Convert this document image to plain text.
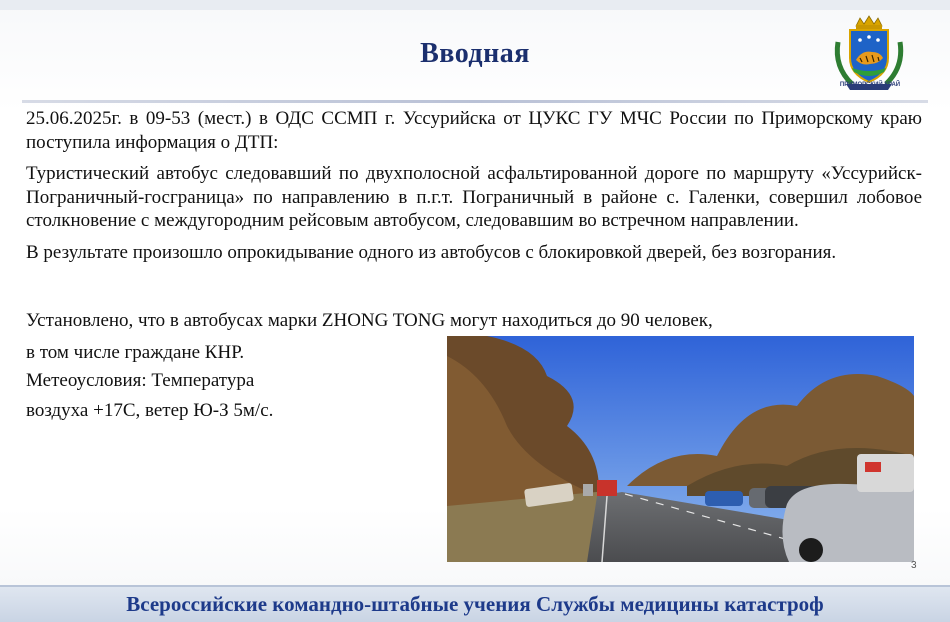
Вводная
ПРИМОРСКИЙ КРАЙ

25.06.2025г. в 09-53 (мест.) в ОДС ССМП г. Уссурийска от ЦУКС ГУ МЧС России по Приморскому краю поступила информация о ДТП:

Туристический автобус следовавший по двухполосной асфальтированной дороге по маршруту «Уссурийск-Пограничный-госграница» по направлению в п.г.т. Пограничный в районе с. Галенки, совершил лобовое столкновение с междугородним рейсовым автобусом, следовавшим во встречном направлении.

В результате произошло опрокидывание одного из автобусов с блокировкой дверей, без возгорания.

Установлено, что в автобусах марки ZHONG TONG могут находиться до 90 человек,
в том числе граждане КНР.
Метеоусловия: Температура
воздуха +17С, ветер Ю-З 5м/с.
3
Всероссийские командно-штабные учения Службы медицины катастроф
